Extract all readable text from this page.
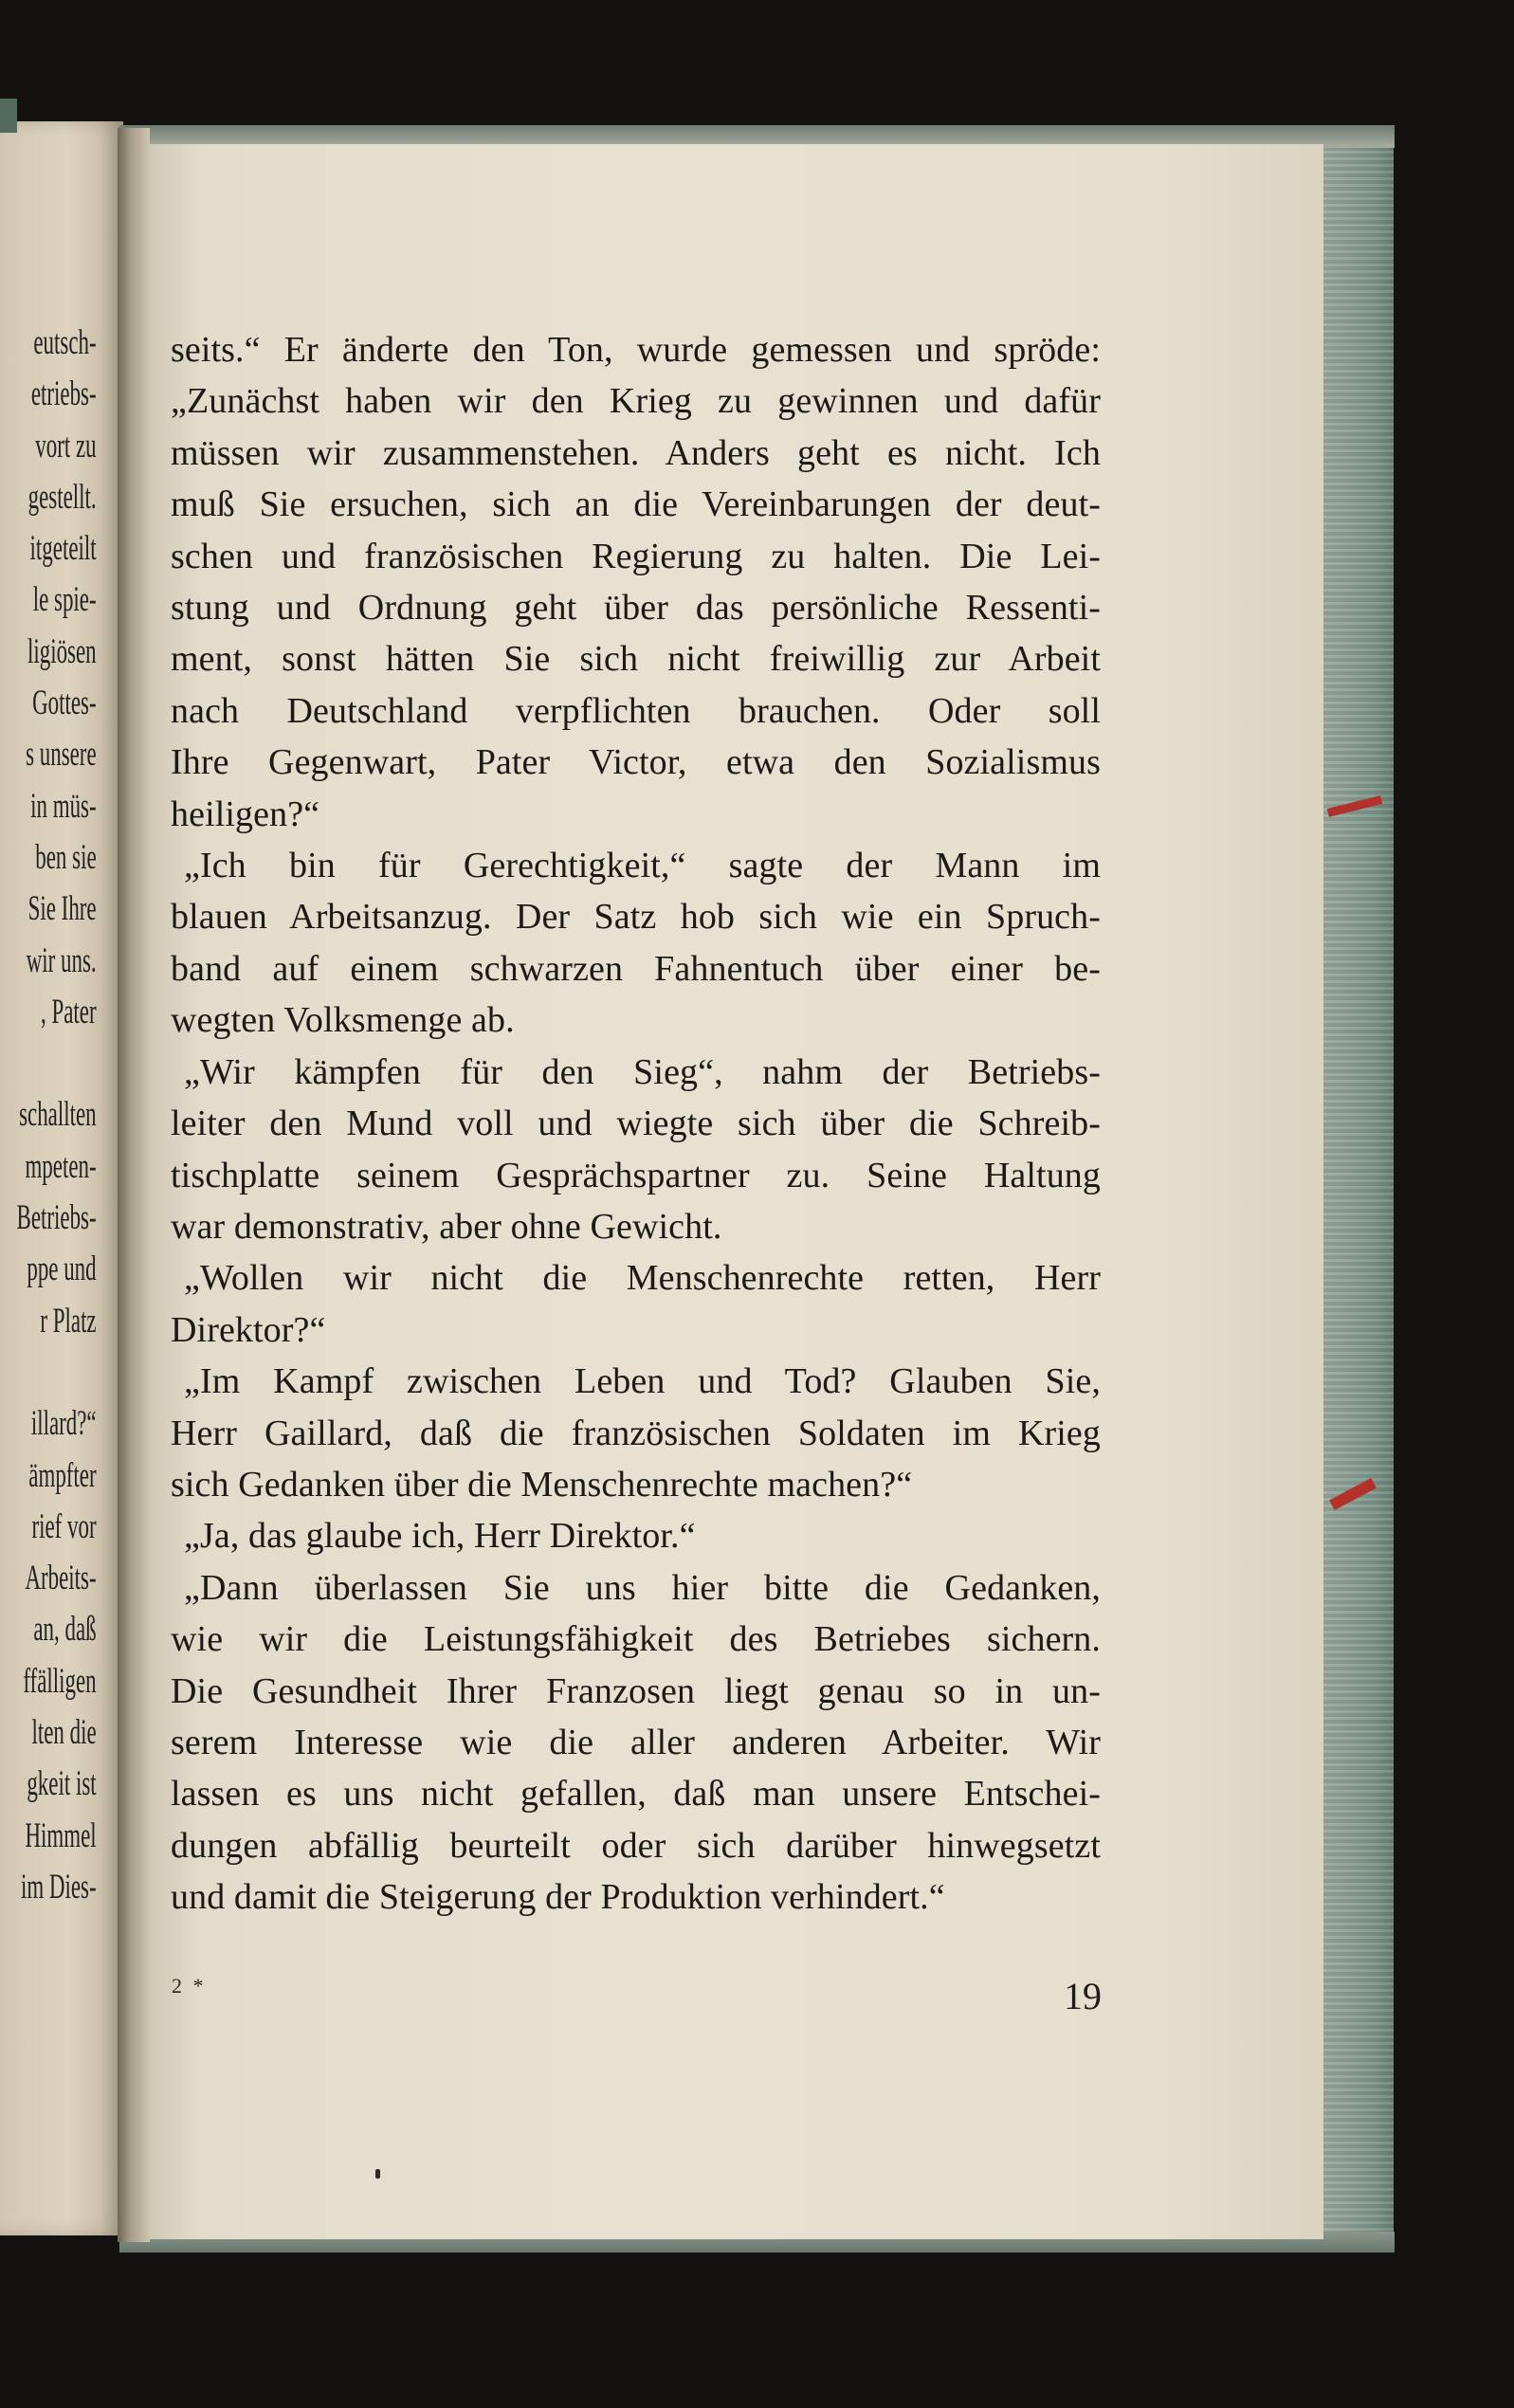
eutsch-
etriebs-
vort zu
gestellt.
itgeteilt
le spie-
ligiösen
Gottes-
s unsere
in müs-
ben sie
Sie Ihre
wir uns.
, Pater

schallten
mpeten-
Betriebs-
ppe und
r Platz

illard?“
ämpfter
rief vor
Arbeits-
an, daß
ffälligen
lten die
gkeit ist
Himmel
im Dies-
seits.“ Er änderte den Ton, wurde gemessen und spröde:
„Zunächst haben wir den Krieg zu gewinnen und dafür
müssen wir zusammenstehen. Anders geht es nicht. Ich
muß Sie ersuchen, sich an die Vereinbarungen der deut-
schen und französischen Regierung zu halten. Die Lei-
stung und Ordnung geht über das persönliche Ressenti-
ment, sonst hätten Sie sich nicht freiwillig zur Arbeit
nach Deutschland verpflichten brauchen. Oder soll
Ihre Gegenwart, Pater Victor, etwa den Sozialismus
heiligen?“
„Ich bin für Gerechtigkeit,“ sagte der Mann im
blauen Arbeitsanzug. Der Satz hob sich wie ein Spruch-
band auf einem schwarzen Fahnentuch über einer be-
wegten Volksmenge ab.
„Wir kämpfen für den Sieg“, nahm der Betriebs-
leiter den Mund voll und wiegte sich über die Schreib-
tischplatte seinem Gesprächspartner zu. Seine Haltung
war demonstrativ, aber ohne Gewicht.
„Wollen wir nicht die Menschenrechte retten, Herr
Direktor?“
„Im Kampf zwischen Leben und Tod? Glauben Sie,
Herr Gaillard, daß die französischen Soldaten im Krieg
sich Gedanken über die Menschenrechte machen?“
„Ja, das glaube ich, Herr Direktor.“
„Dann überlassen Sie uns hier bitte die Gedanken,
wie wir die Leistungsfähigkeit des Betriebes sichern.
Die Gesundheit Ihrer Franzosen liegt genau so in un-
serem Interesse wie die aller anderen Arbeiter. Wir
lassen es uns nicht gefallen, daß man unsere Entschei-
dungen abfällig beurteilt oder sich darüber hinwegsetzt
und damit die Steigerung der Produktion verhindert.“
2 *	19
